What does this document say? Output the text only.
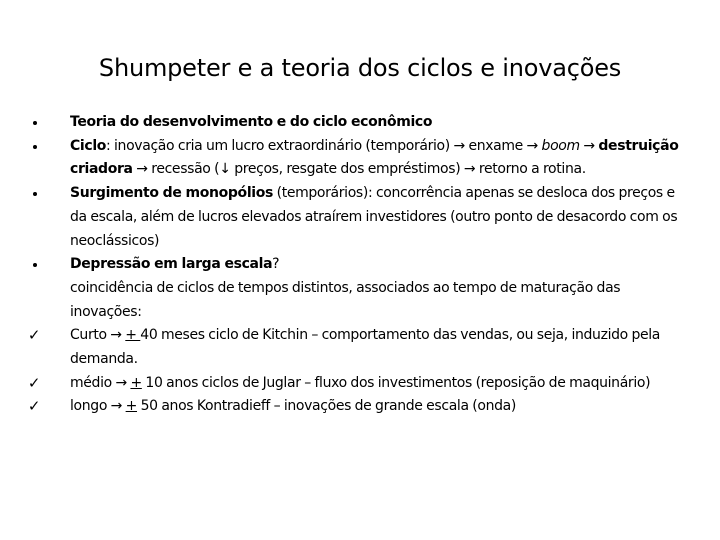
Shumpeter e a teoria dos ciclos e inovações
Teoria do desenvolvimento e do ciclo econômico
Ciclo: inovação cria um lucro extraordinário (temporário) → enxame → boom → destruição criadora → recessão (↓ preços, resgate dos empréstimos) → retorno a rotina.
Surgimento de monopólios (temporários): concorrência apenas se desloca dos preços e da escala, além de lucros elevados atraírem investidores (outro ponto de desacordo com os neoclássicos)
Depressão em larga escala?
coincidência de ciclos de tempos distintos, associados ao tempo de maturação das inovações:
✓ Curto → + 40 meses ciclo de Kitchin – comportamento das vendas, ou seja, induzido pela demanda.
✓ médio → + 10 anos ciclos de Juglar – fluxo dos investimentos (reposição de maquinário)
✓ longo → + 50 anos Kontradieff – inovações de grande escala (onda)
